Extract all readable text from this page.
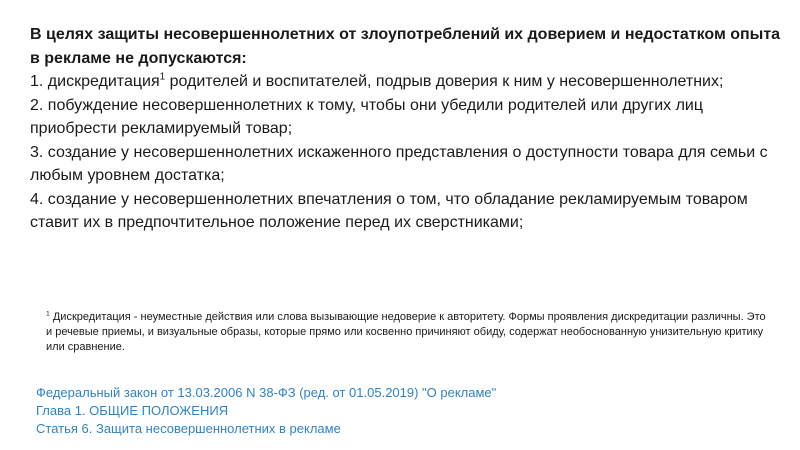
В целях защиты несовершеннолетних от злоупотреблений их доверием и недостатком опыта в рекламе не допускаются:

1. дискредитация$^1$ родителей и воспитателей, подрыв доверия к ним у несовершеннолетних;

2. побуждение несовершеннолетних к тому, чтобы они убедили родителей или других лиц приобрести рекламируемый товар;

3. создание у несовершеннолетних искаженного представления о доступности товара для семьи с любым уровнем достатка;

4. создание у несовершеннолетних впечатления о том, что обладание рекламируемым товаром ставит их в предпочтительное положение перед их сверстниками;

$^1$ Дискредитация - неуместные действия или слова вызывающие недоверие к авторитету. Формы проявления дискредитации различны. Это и речевые приемы, и визуальные образы, которые прямо или косвенно причиняют обиду, содержат необоснованную унизительную критику или сравнение.
Федеральный закон от 13.03.2006 N 38-ФЗ (ред. от 01.05.2019) "О рекламе"
Глава 1. ОБЩИЕ ПОЛОЖЕНИЯ
Статья 6. Защита несовершеннолетних в рекламе
